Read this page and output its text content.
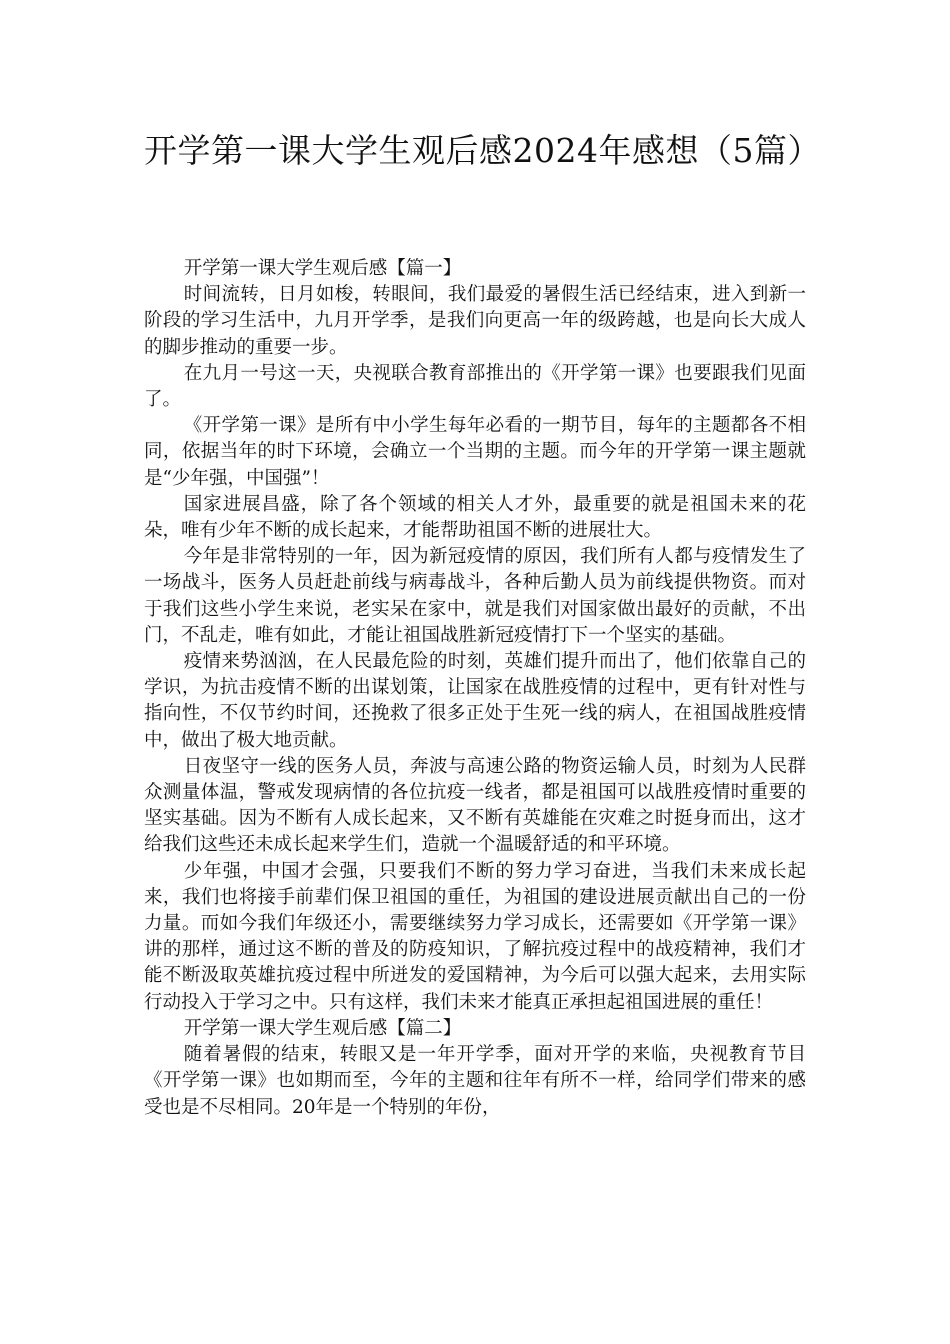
开学第一课大学生观后感2024年感想（5篇）

开学第一课大学生观后感【篇一】

时间流转，日月如梭，转眼间，我们最爱的暑假生活已经结束，进入到新一阶段的学习生活中，九月开学季，是我们向更高一年的级跨越，也是向长大成人的脚步推动的重要一步。

在九月一号这一天，央视联合教育部推出的《开学第一课》也要跟我们见面了。

《开学第一课》是所有中小学生每年必看的一期节目，每年的主题都各不相同，依据当年的时下环境，会确立一个当期的主题。而今年的开学第一课主题就是“少年强，中国强”！

国家进展昌盛，除了各个领域的相关人才外，最重要的就是祖国未来的花朵，唯有少年不断的成长起来，才能帮助祖国不断的进展壮大。

今年是非常特别的一年，因为新冠疫情的原因，我们所有人都与疫情发生了一场战斗，医务人员赶赴前线与病毒战斗，各种后勤人员为前线提供物资。而对于我们这些小学生来说，老实呆在家中，就是我们对国家做出最好的贡献，不出门，不乱走，唯有如此，才能让祖国战胜新冠疫情打下一个坚实的基础。

疫情来势汹汹，在人民最危险的时刻，英雄们提升而出了，他们依靠自己的学识，为抗击疫情不断的出谋划策，让国家在战胜疫情的过程中，更有针对性与指向性，不仅节约时间，还挽救了很多正处于生死一线的病人，在祖国战胜疫情中，做出了极大地贡献。

日夜坚守一线的医务人员，奔波与高速公路的物资运输人员，时刻为人民群众测量体温，警戒发现病情的各位抗疫一线者，都是祖国可以战胜疫情时重要的坚实基础。因为不断有人成长起来，又不断有英雄能在灾难之时挺身而出，这才给我们这些还未成长起来学生们，造就一个温暖舒适的和平环境。

少年强，中国才会强，只要我们不断的努力学习奋进，当我们未来成长起来，我们也将接手前辈们保卫祖国的重任，为祖国的建设进展贡献出自己的一份力量。而如今我们年级还小，需要继续努力学习成长，还需要如《开学第一课》讲的那样，通过这不断的普及的防疫知识，了解抗疫过程中的战疫精神，我们才能不断汲取英雄抗疫过程中所迸发的爱国精神，为今后可以强大起来，去用实际行动投入于学习之中。只有这样，我们未来才能真正承担起祖国进展的重任！

开学第一课大学生观后感【篇二】

随着暑假的结束，转眼又是一年开学季，面对开学的来临，央视教育节目《开学第一课》也如期而至，今年的主题和往年有所不一样，给同学们带来的感受也是不尽相同。20年是一个特别的年份，
